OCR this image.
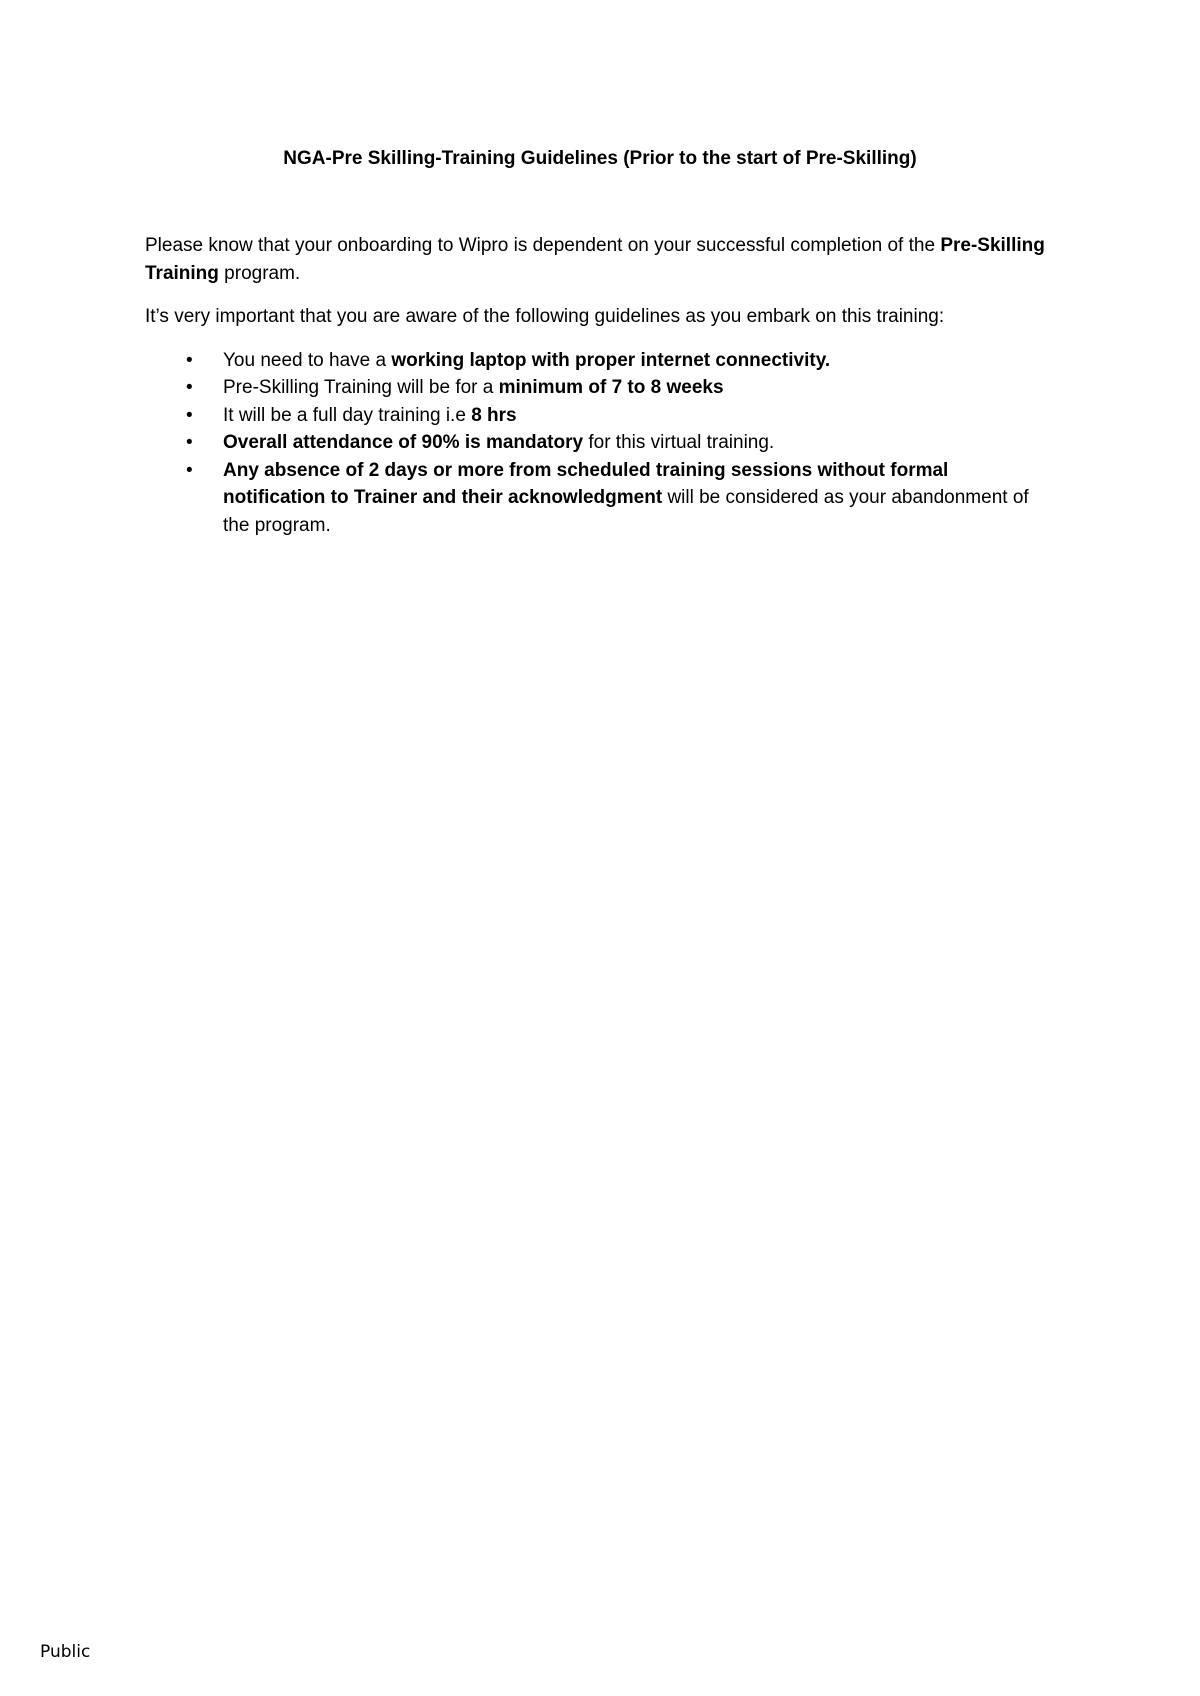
NGA-Pre Skilling-Training Guidelines (Prior to the start of Pre-Skilling)

Please know that your onboarding to Wipro is dependent on your successful completion of the Pre-Skilling Training program.

It’s very important that you are aware of the following guidelines as you embark on this training:

•	You need to have a working laptop with proper internet connectivity.
•	Pre-Skilling Training will be for a minimum of 7 to 8 weeks
•	It will be a full day training i.e 8 hrs
•	Overall attendance of 90% is mandatory for this virtual training.
•	Any absence of 2 days or more from scheduled training sessions without formal notification to Trainer and their acknowledgment will be considered as your abandonment of the program.
Public
